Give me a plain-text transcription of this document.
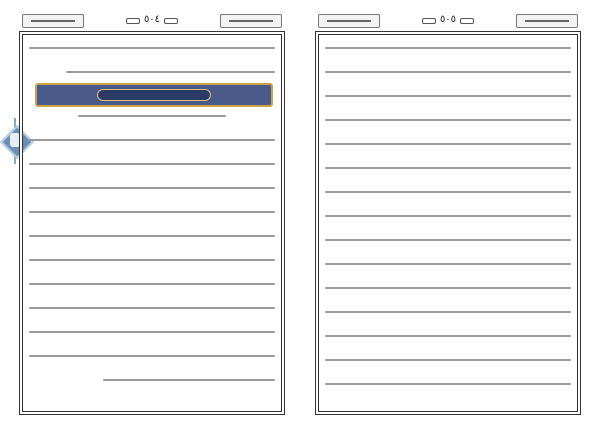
٥٠٤	٥٠٥
